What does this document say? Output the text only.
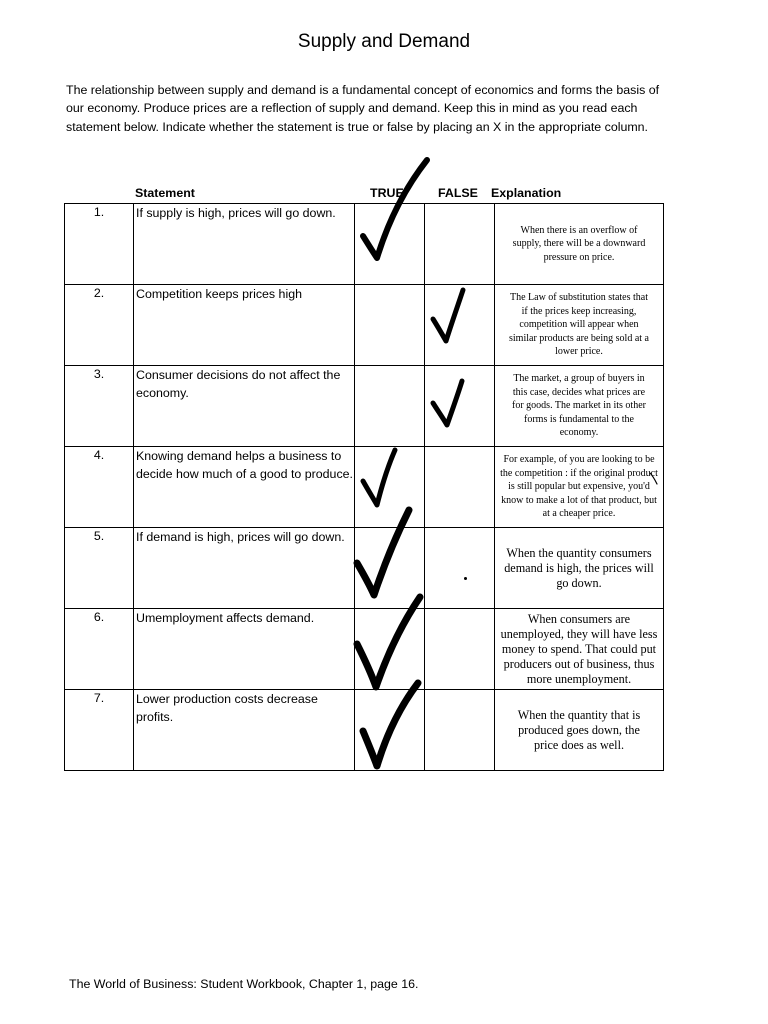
Supply and Demand
The relationship between supply and demand is a fundamental concept of economics and forms the basis of our economy. Produce prices are a reflection of supply and demand. Keep this in mind as you read each statement below. Indicate whether the statement is true or false by placing an X in the appropriate column.
Statement	TRUE	FALSE Explanation
1.	If supply is high, prices will go down.			When there is an overflow of supply, there will be a downward pressure on price.

2.	Competition keeps prices high			The Law of substitution states that if the prices keep increasing, competition will appear when similar products are being sold at a lower price.

3.	Consumer decisions do not affect the economy.			The market, a group of buyers in this case, decides what prices are for goods. The market in its other forms is fundamental to the economy.

4.	Knowing demand helps a business to decide how much of a good to produce.			For example, of you are looking to be the competition : if the original product is still popular but expensive, you'd know to make a lot of that product, but at a cheaper price.

5.	If demand is high, prices will go down.			When the quantity consumers demand is high, the prices will go down.

6.	Umemployment affects demand.			When consumers are unemployed, they will have less money to spend. That could put producers out of business, thus more unemployment.

7.	Lower production costs decrease profits.			When the quantity that is produced goes down, the price does as well.
The World of Business: Student Workbook, Chapter 1, page 16.
